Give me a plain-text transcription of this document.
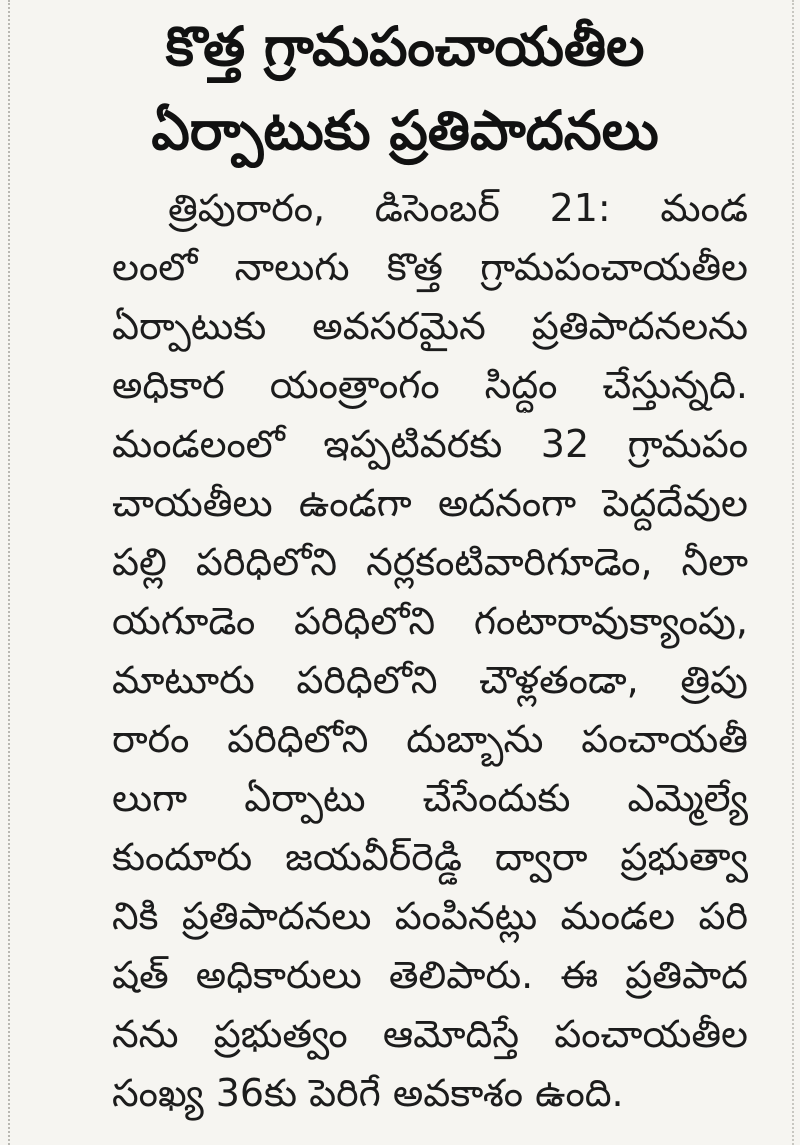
కొత్త గ్రామపంచాయతీల
ఏర్పాటుకు ప్రతిపాదనలు
త్రిపురారం, డిసెంబర్ 21: మండ
లంలో నాలుగు కొత్త గ్రామపంచాయతీల
ఏర్పాటుకు అవసరమైన ప్రతిపాదనలను
అధికార యంత్రాంగం సిద్ధం చేస్తున్నది.
మండలంలో ఇప్పటివరకు 32 గ్రామపం
చాయతీలు ఉండగా అదనంగా పెద్దదేవుల
పల్లి పరిధిలోని నర్లకంటివారిగూడెం, నీలా
యగూడెం పరిధిలోని గంటారావుక్యాంపు,
మాటూరు పరిధిలోని చౌళ్లతండా, త్రిపు
రారం పరిధిలోని దుబ్బాను పంచాయతీ
లుగా ఏర్పాటు చేసేందుకు ఎమ్మెల్యే
కుందూరు జయవీర్‌రెడ్డి ద్వారా ప్రభుత్వా
నికి ప్రతిపాదనలు పంపినట్లు మండల పరి
షత్ అధికారులు తెలిపారు. ఈ ప్రతిపాద
నను ప్రభుత్వం ఆమోదిస్తే పంచాయతీల
సంఖ్య 36కు పెరిగే అవకాశం ఉంది.
